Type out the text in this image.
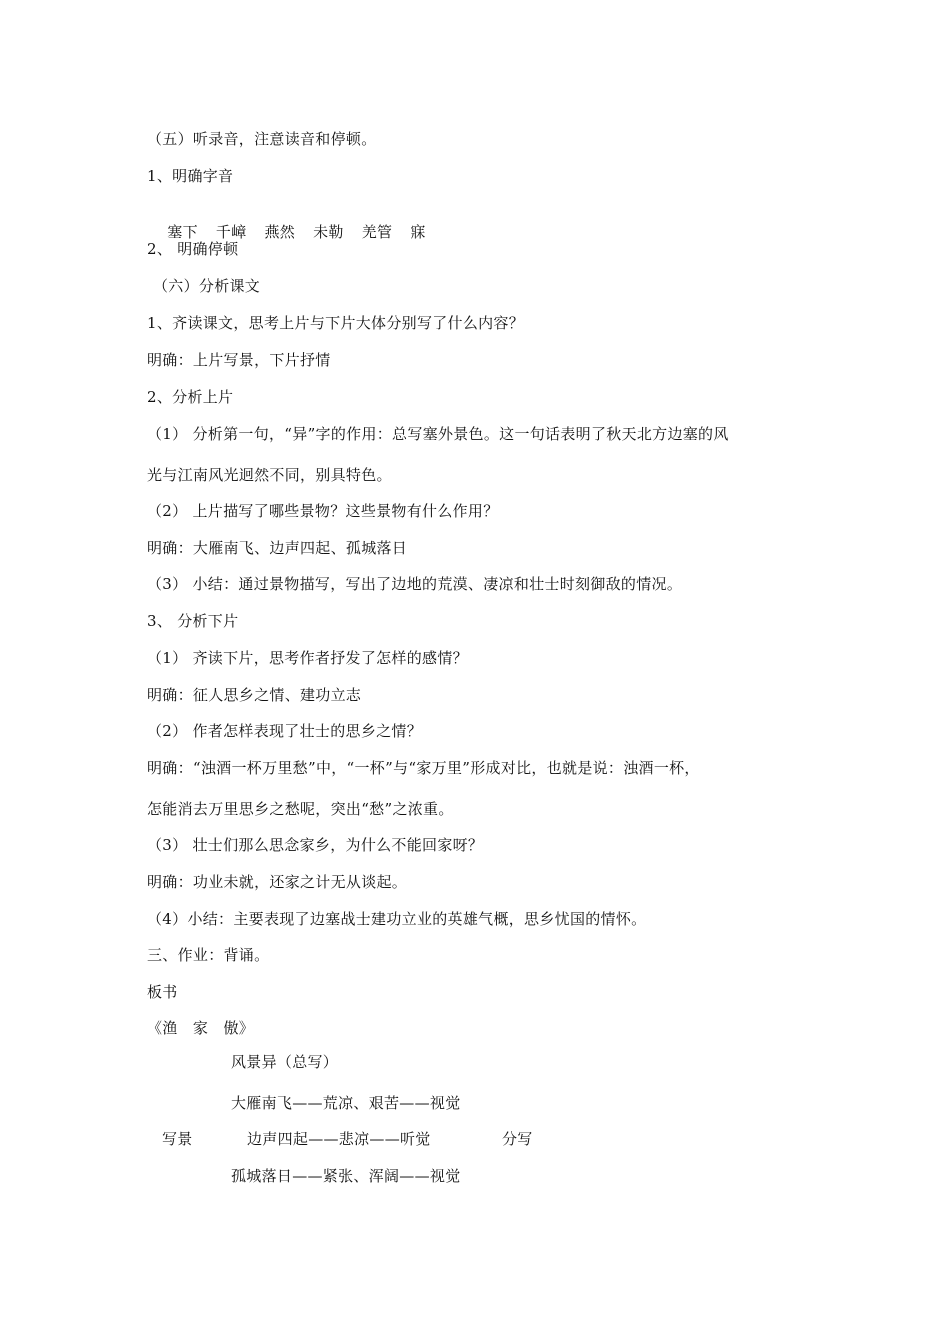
（五）听录音，注意读音和停顿。
1、明确字音

塞下 千嶂 燕然 未勒 羌管 寐

2、 明确停顿
（六）分析课文
1、齐读课文，思考上片与下片大体分别写了什么内容？
明确：上片写景，下片抒情
2、分析上片
（1） 分析第一句，“异”字的作用：总写塞外景色。这一句话表明了秋天北方边塞的风
光与江南风光迥然不同，别具特色。
（2） 上片描写了哪些景物？这些景物有什么作用？
明确：大雁南飞、边声四起、孤城落日
（3） 小结：通过景物描写，写出了边地的荒漠、凄凉和壮士时刻御敌的情况。
3、 分析下片
（1） 齐读下片，思考作者抒发了怎样的感情？
明确：征人思乡之情、建功立志
（2） 作者怎样表现了壮士的思乡之情？
明确：“浊酒一杯万里愁”中，“一杯”与“家万里”形成对比，也就是说：浊酒一杯，
怎能消去万里思乡之愁呢，突出“愁”之浓重。
（3） 壮士们那么思念家乡，为什么不能回家呀？
明确：功业未就，还家之计无从谈起。
（4）小结：主要表现了边塞战士建功立业的英雄气概，思乡忧国的情怀。
三、作业：背诵。
板书
《渔　家　傲》
风景异（总写）
大雁南飞——荒凉、艰苦——视觉
写景	边声四起——悲凉——听觉	分写
孤城落日——紧张、浑阔——视觉
